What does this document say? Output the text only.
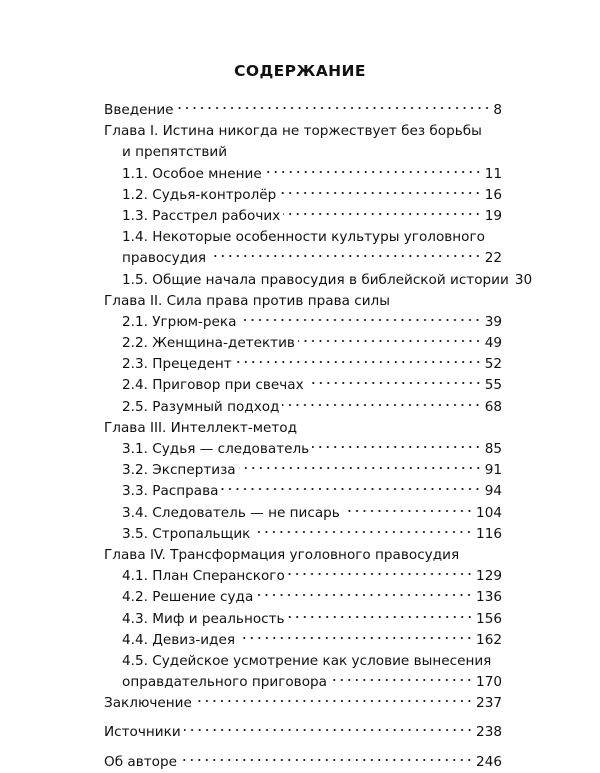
СОДЕРЖАНИЕ
Введение	8
Глава I. Истина никогда не торжествует без борьбы
и препятствий
1.1. Особое мнение	11
1.2. Судья-контролёр	16
1.3. Расстрел рабочих	19
1.4. Некоторые особенности культуры уголовного
правосудия	22
1.5. Общие начала правосудия в библейской истории 30
Глава II. Сила права против права силы
2.1. Угрюм-река	39
2.2. Женщина-детектив	49
2.3. Прецедент	52
2.4. Приговор при свечах	55
2.5. Разумный подход	68
Глава III. Интеллект-метод
3.1. Судья — следователь	85
3.2. Экспертиза	91
3.3. Расправа	94
3.4. Следователь — не писарь	104
3.5. Стропальщик	116
Глава IV. Трансформация уголовного правосудия
4.1. План Сперанского	129
4.2. Решение суда	136
4.3. Миф и реальность	156
4.4. Девиз-идея	162
4.5. Судейское усмотрение как условие вынесения
оправдательного приговора	170
Заключение	237
Источники	238
Об авторе	246
